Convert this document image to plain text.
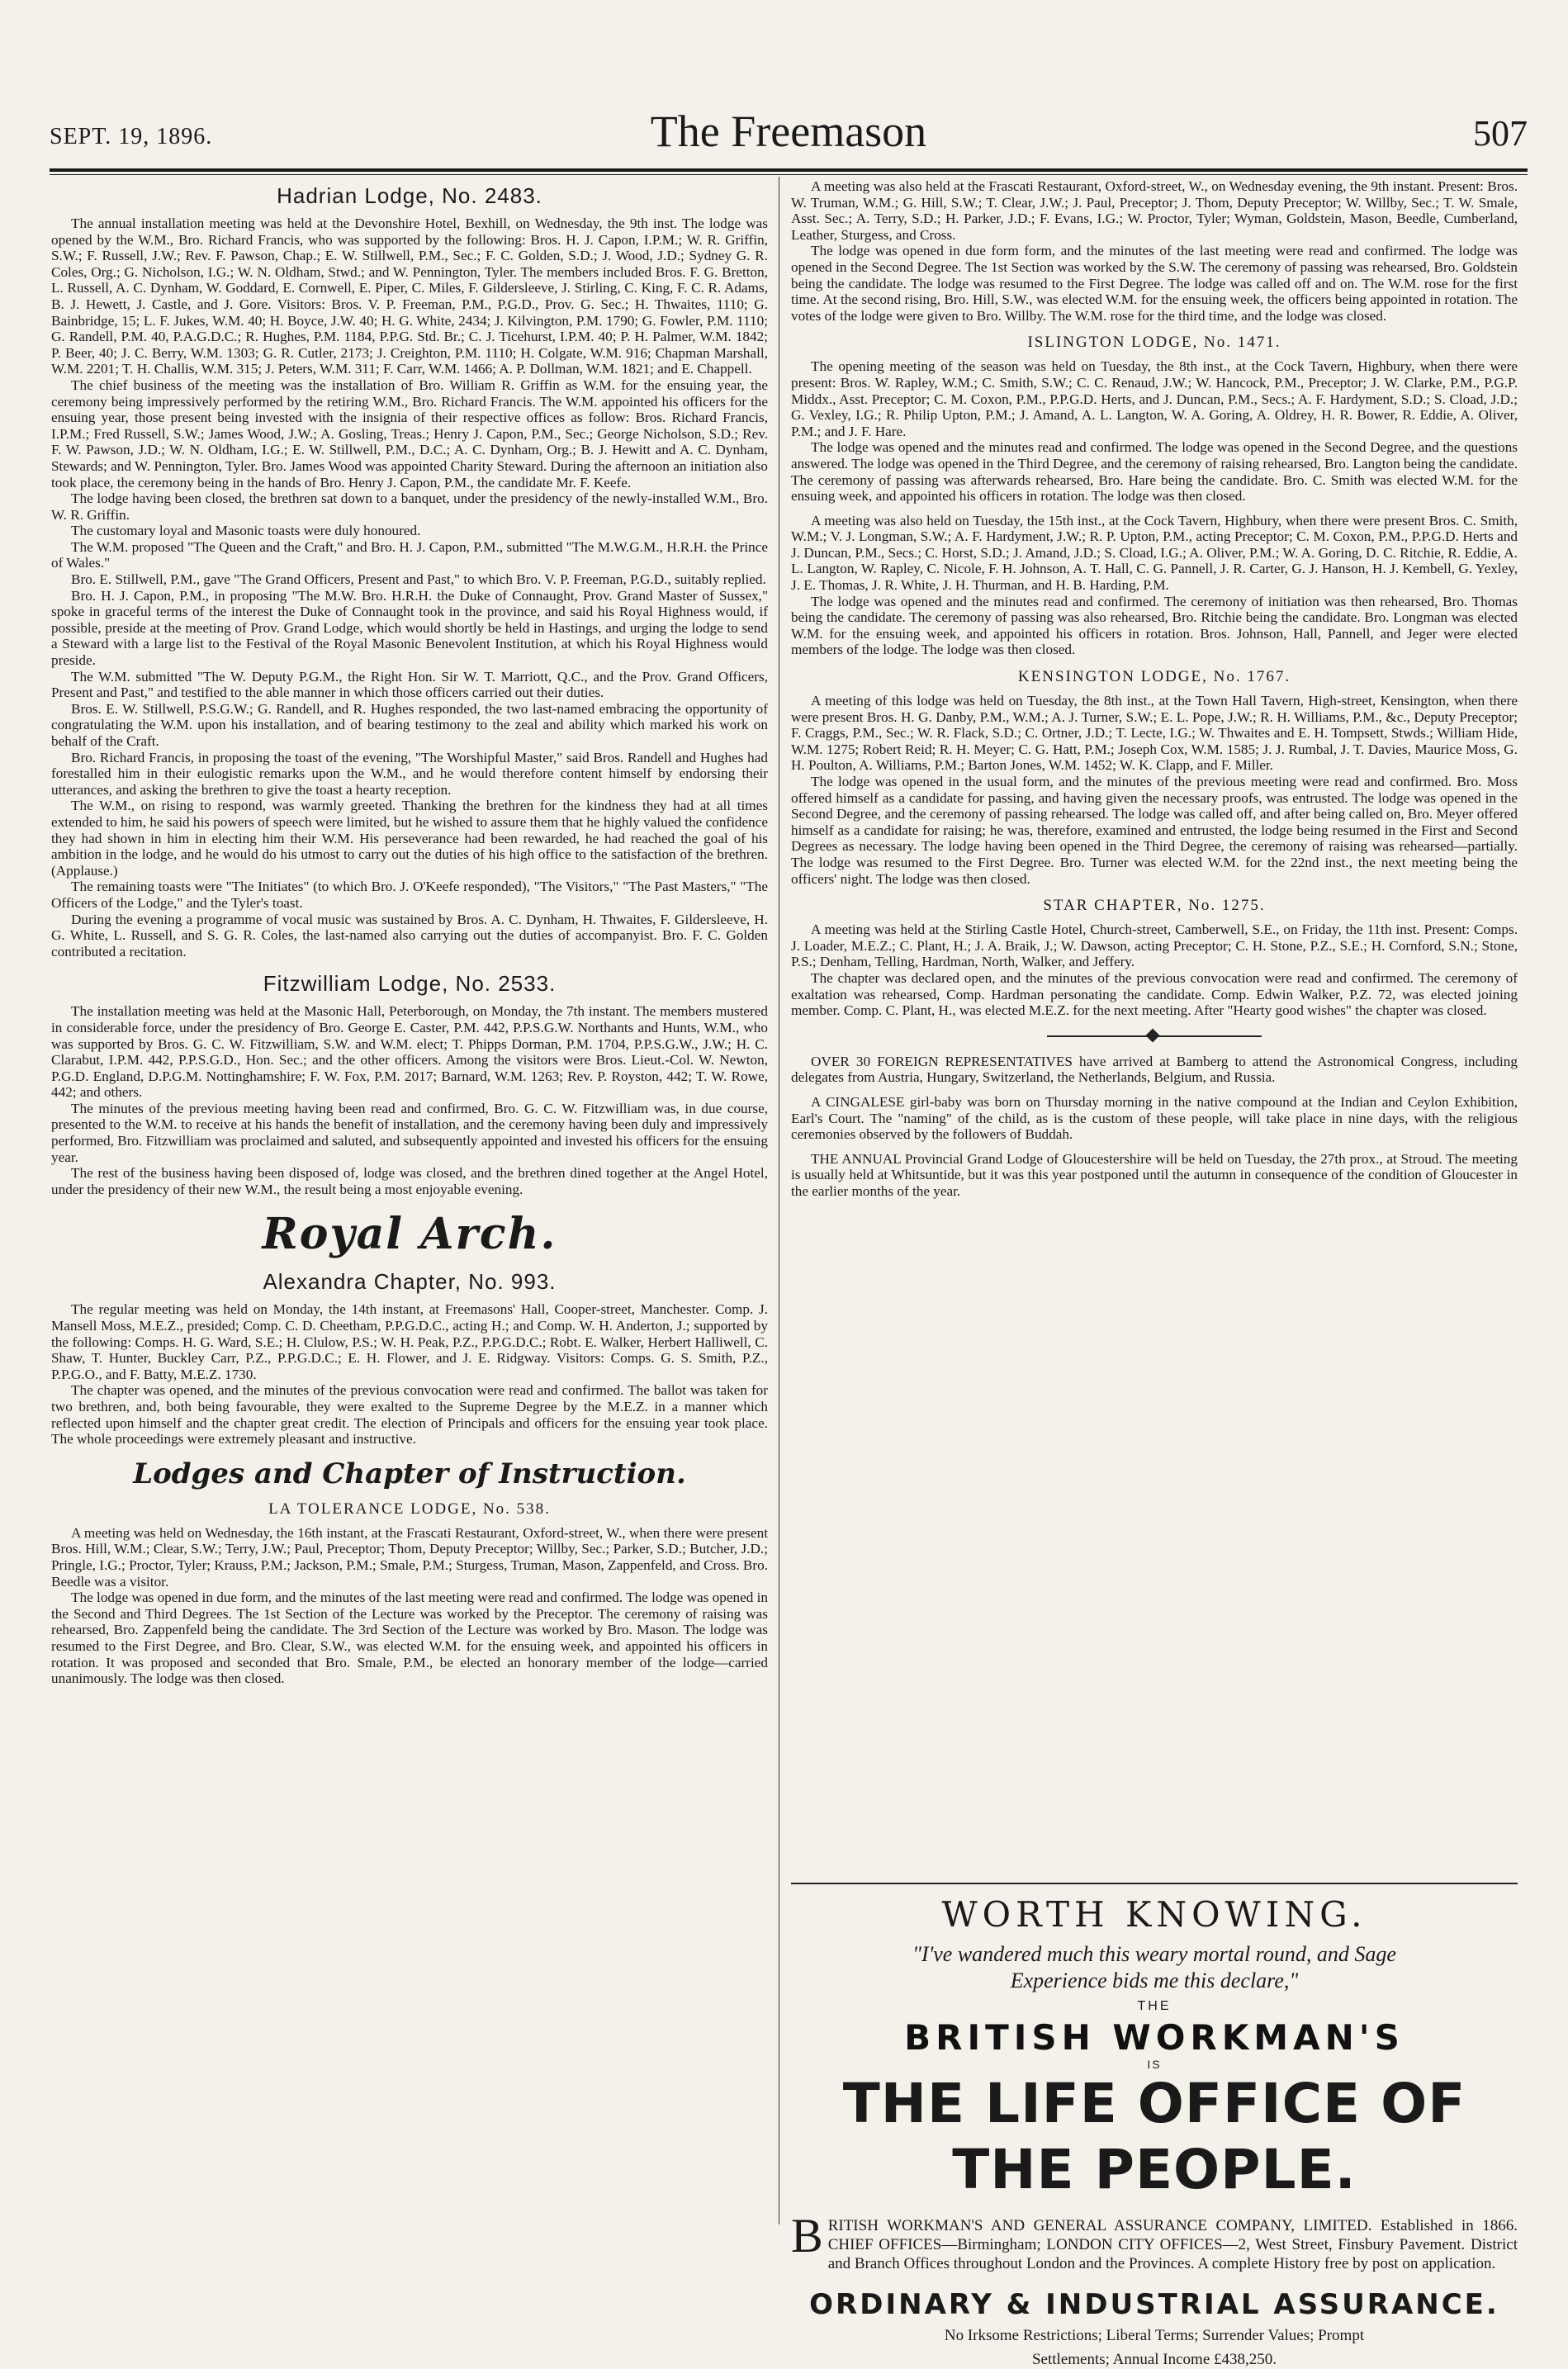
SEPT. 19, 1896.	The Freemason	507
Hadrian Lodge, No. 2483.

The annual installation meeting was held at the Devonshire Hotel, Bexhill, on Wednesday, the 9th inst. The lodge was opened by the W.M., Bro. Richard Francis, who was supported by the following: Bros. H. J. Capon, I.P.M.; W. R. Griffin, S.W.; F. Russell, J.W.; Rev. F. Pawson, Chap.; E. W. Stillwell, P.M., Sec.; F. C. Golden, S.D.; J. Wood, J.D.; Sydney G. R. Coles, Org.; G. Nicholson, I.G.; W. N. Oldham, Stwd.; and W. Pennington, Tyler. The members included Bros. F. G. Bretton, L. Russell, A. C. Dynham, W. Goddard, E. Cornwell, E. Piper, C. Miles, F. Gildersleeve, J. Stirling, C. King, F. C. R. Adams, B. J. Hewett, J. Castle, and J. Gore. Visitors: Bros. V. P. Freeman, P.M., P.G.D., Prov. G. Sec.; H. Thwaites, 1110; G. Bainbridge, 15; L. F. Jukes, W.M. 40; H. Boyce, J.W. 40; H. G. White, 2434; J. Kilvington, P.M. 1790; G. Fowler, P.M. 1110; G. Randell, P.M. 40, P.A.G.D.C.; R. Hughes, P.M. 1184, P.P.G. Std. Br.; C. J. Ticehurst, I.P.M. 40; P. H. Palmer, W.M. 1842; P. Beer, 40; J. C. Berry, W.M. 1303; G. R. Cutler, 2173; J. Creighton, P.M. 1110; H. Colgate, W.M. 916; Chapman Marshall, W.M. 2201; T. H. Challis, W.M. 315; J. Peters, W.M. 311; F. Carr, W.M. 1466; A. P. Dollman, W.M. 1821; and E. Chappell.

The chief business of the meeting was the installation of Bro. William R. Griffin as W.M. for the ensuing year, the ceremony being impressively performed by the retiring W.M., Bro. Richard Francis. The W.M. appointed his officers for the ensuing year, those present being invested with the insignia of their respective offices as follow: Bros. Richard Francis, I.P.M.; Fred Russell, S.W.; James Wood, J.W.; A. Gosling, Treas.; Henry J. Capon, P.M., Sec.; George Nicholson, S.D.; Rev. F. W. Pawson, J.D.; W. N. Oldham, I.G.; E. W. Stillwell, P.M., D.C.; A. C. Dynham, Org.; B. J. Hewitt and A. C. Dynham, Stewards; and W. Pennington, Tyler. Bro. James Wood was appointed Charity Steward. During the afternoon an initiation also took place, the ceremony being in the hands of Bro. Henry J. Capon, P.M., the candidate Mr. F. Keefe.

The lodge having been closed, the brethren sat down to a banquet, under the presidency of the newly-installed W.M., Bro. W. R. Griffin.

The customary loyal and Masonic toasts were duly honoured.

The W.M. proposed "The Queen and the Craft," and Bro. H. J. Capon, P.M., submitted "The M.W.G.M., H.R.H. the Prince of Wales."

Bro. E. Stillwell, P.M., gave "The Grand Officers, Present and Past," to which Bro. V. P. Freeman, P.G.D., suitably replied.

Bro. H. J. Capon, P.M., in proposing "The M.W. Bro. H.R.H. the Duke of Connaught, Prov. Grand Master of Sussex," spoke in graceful terms of the interest the Duke of Connaught took in the province, and said his Royal Highness would, if possible, preside at the meeting of Prov. Grand Lodge, which would shortly be held in Hastings, and urging the lodge to send a Steward with a large list to the Festival of the Royal Masonic Benevolent Institution, at which his Royal Highness would preside.

The W.M. submitted "The W. Deputy P.G.M., the Right Hon. Sir W. T. Marriott, Q.C., and the Prov. Grand Officers, Present and Past," and testified to the able manner in which those officers carried out their duties.

Bros. E. W. Stillwell, P.S.G.W.; G. Randell, and R. Hughes responded, the two last-named embracing the opportunity of congratulating the W.M. upon his installation, and of bearing testimony to the zeal and ability which marked his work on behalf of the Craft.

Bro. Richard Francis, in proposing the toast of the evening, "The Worshipful Master," said Bros. Randell and Hughes had forestalled him in their eulogistic remarks upon the W.M., and he would therefore content himself by endorsing their utterances, and asking the brethren to give the toast a hearty reception.

The W.M., on rising to respond, was warmly greeted. Thanking the brethren for the kindness they had at all times extended to him, he said his powers of speech were limited, but he wished to assure them that he highly valued the confidence they had shown in him in electing him their W.M. His perseverance had been rewarded, he had reached the goal of his ambition in the lodge, and he would do his utmost to carry out the duties of his high office to the satisfaction of the brethren. (Applause.)

The remaining toasts were "The Initiates" (to which Bro. J. O'Keefe responded), "The Visitors," "The Past Masters," "The Officers of the Lodge," and the Tyler's toast.

During the evening a programme of vocal music was sustained by Bros. A. C. Dynham, H. Thwaites, F. Gildersleeve, H. G. White, L. Russell, and S. G. R. Coles, the last-named also carrying out the duties of accompanyist. Bro. F. C. Golden contributed a recitation.

Fitzwilliam Lodge, No. 2533.

The installation meeting was held at the Masonic Hall, Peterborough, on Monday, the 7th instant. The members mustered in considerable force, under the presidency of Bro. George E. Caster, P.M. 442, P.P.S.G.W. Northants and Hunts, W.M., who was supported by Bros. G. C. W. Fitzwilliam, S.W. and W.M. elect; T. Phipps Dorman, P.M. 1704, P.P.S.G.W., J.W.; H. C. Clarabut, I.P.M. 442, P.P.S.G.D., Hon. Sec.; and the other officers. Among the visitors were Bros. Lieut.-Col. W. Newton, P.G.D. England, D.P.G.M. Nottinghamshire; F. W. Fox, P.M. 2017; Barnard, W.M. 1263; Rev. P. Royston, 442; T. W. Rowe, 442; and others.

The minutes of the previous meeting having been read and confirmed, Bro. G. C. W. Fitzwilliam was, in due course, presented to the W.M. to receive at his hands the benefit of installation, and the ceremony having been duly and impressively performed, Bro. Fitzwilliam was proclaimed and saluted, and subsequently appointed and invested his officers for the ensuing year.

The rest of the business having been disposed of, lodge was closed, and the brethren dined together at the Angel Hotel, under the presidency of their new W.M., the result being a most enjoyable evening.

Royal Arch.
Alexandra Chapter, No. 993.

The regular meeting was held on Monday, the 14th instant, at Freemasons' Hall, Cooper-street, Manchester. Comp. J. Mansell Moss, M.E.Z., presided; Comp. C. D. Cheetham, P.P.G.D.C., acting H.; and Comp. W. H. Anderton, J.; supported by the following: Comps. H. G. Ward, S.E.; H. Clulow, P.S.; W. H. Peak, P.Z., P.P.G.D.C.; Robt. E. Walker, Herbert Halliwell, C. Shaw, T. Hunter, Buckley Carr, P.Z., P.P.G.D.C.; E. H. Flower, and J. E. Ridgway. Visitors: Comps. G. S. Smith, P.Z., P.P.G.O., and F. Batty, M.E.Z. 1730.

The chapter was opened, and the minutes of the previous convocation were read and confirmed. The ballot was taken for two brethren, and, both being favourable, they were exalted to the Supreme Degree by the M.E.Z. in a manner which reflected upon himself and the chapter great credit. The election of Principals and officers for the ensuing year took place. The whole proceedings were extremely pleasant and instructive.

Lodges and Chapter of Instruction.
LA TOLERANCE LODGE, No. 538.

A meeting was held on Wednesday, the 16th instant, at the Frascati Restaurant, Oxford-street, W., when there were present Bros. Hill, W.M.; Clear, S.W.; Terry, J.W.; Paul, Preceptor; Thom, Deputy Preceptor; Willby, Sec.; Parker, S.D.; Butcher, J.D.; Pringle, I.G.; Proctor, Tyler; Krauss, P.M.; Jackson, P.M.; Smale, P.M.; Sturgess, Truman, Mason, Zappenfeld, and Cross. Bro. Beedle was a visitor.

The lodge was opened in due form, and the minutes of the last meeting were read and confirmed. The lodge was opened in the Second and Third Degrees. The 1st Section of the Lecture was worked by the Preceptor. The ceremony of raising was rehearsed, Bro. Zappenfeld being the candidate. The 3rd Section of the Lecture was worked by Bro. Mason. The lodge was resumed to the First Degree, and Bro. Clear, S.W., was elected W.M. for the ensuing week, and appointed his officers in rotation. It was proposed and seconded that Bro. Smale, P.M., be elected an honorary member of the lodge—carried unanimously. The lodge was then closed.

A meeting was also held at the Frascati Restaurant, Oxford-street, W., on Wednesday evening, the 9th instant. Present: Bros. W. Truman, W.M.; G. Hill, S.W.; T. Clear, J.W.; J. Paul, Preceptor; J. Thom, Deputy Preceptor; W. Willby, Sec.; T. W. Smale, Asst. Sec.; A. Terry, S.D.; H. Parker, J.D.; F. Evans, I.G.; W. Proctor, Tyler; Wyman, Goldstein, Mason, Beedle, Cumberland, Leather, Sturgess, and Cross.

The lodge was opened in due form form, and the minutes of the last meeting were read and confirmed. The lodge was opened in the Second Degree. The 1st Section was worked by the S.W. The ceremony of passing was rehearsed, Bro. Goldstein being the candidate. The lodge was resumed to the First Degree. The lodge was called off and on. The W.M. rose for the first time. At the second rising, Bro. Hill, S.W., was elected W.M. for the ensuing week, the officers being appointed in rotation. The votes of the lodge were given to Bro. Willby. The W.M. rose for the third time, and the lodge was closed.

ISLINGTON LODGE, No. 1471.

The opening meeting of the season was held on Tuesday, the 8th inst., at the Cock Tavern, Highbury, when there were present: Bros. W. Rapley, W.M.; C. Smith, S.W.; C. C. Renaud, J.W.; W. Hancock, P.M., Preceptor; J. W. Clarke, P.M., P.G.P. Middx., Asst. Preceptor; C. M. Coxon, P.M., P.P.G.D. Herts, and J. Duncan, P.M., Secs.; A. F. Hardyment, S.D.; S. Cload, J.D.; G. Vexley, I.G.; R. Philip Upton, P.M.; J. Amand, A. L. Langton, W. A. Goring, A. Oldrey, H. R. Bower, R. Eddie, A. Oliver, P.M.; and J. F. Hare.

The lodge was opened and the minutes read and confirmed. The lodge was opened in the Second Degree, and the questions answered. The lodge was opened in the Third Degree, and the ceremony of raising rehearsed, Bro. Langton being the candidate. The ceremony of passing was afterwards rehearsed, Bro. Hare being the candidate. Bro. C. Smith was elected W.M. for the ensuing week, and appointed his officers in rotation. The lodge was then closed.

A meeting was also held on Tuesday, the 15th inst., at the Cock Tavern, Highbury, when there were present Bros. C. Smith, W.M.; V. J. Longman, S.W.; A. F. Hardyment, J.W.; R. P. Upton, P.M., acting Preceptor; C. M. Coxon, P.M., P.P.G.D. Herts and J. Duncan, P.M., Secs.; C. Horst, S.D.; J. Amand, J.D.; S. Cload, I.G.; A. Oliver, P.M.; W. A. Goring, D. C. Ritchie, R. Eddie, A. L. Langton, W. Rapley, C. Nicole, F. H. Johnson, A. T. Hall, C. G. Pannell, J. R. Carter, G. J. Hanson, H. J. Kembell, G. Yexley, J. E. Thomas, J. R. White, J. H. Thurman, and H. B. Harding, P.M.

The lodge was opened and the minutes read and confirmed. The ceremony of initiation was then rehearsed, Bro. Thomas being the candidate. The ceremony of passing was also rehearsed, Bro. Ritchie being the candidate. Bro. Longman was elected W.M. for the ensuing week, and appointed his officers in rotation. Bros. Johnson, Hall, Pannell, and Jeger were elected members of the lodge. The lodge was then closed.

KENSINGTON LODGE, No. 1767.

A meeting of this lodge was held on Tuesday, the 8th inst., at the Town Hall Tavern, High-street, Kensington, when there were present Bros. H. G. Danby, P.M., W.M.; A. J. Turner, S.W.; E. L. Pope, J.W.; R. H. Williams, P.M., &c., Deputy Preceptor; F. Craggs, P.M., Sec.; W. R. Flack, S.D.; C. Ortner, J.D.; T. Lecte, I.G.; W. Thwaites and E. H. Tompsett, Stwds.; William Hide, W.M. 1275; Robert Reid; R. H. Meyer; C. G. Hatt, P.M.; Joseph Cox, W.M. 1585; J. J. Rumbal, J. T. Davies, Maurice Moss, G. H. Poulton, A. Williams, P.M.; Barton Jones, W.M. 1452; W. K. Clapp, and F. Miller.

The lodge was opened in the usual form, and the minutes of the previous meeting were read and confirmed. Bro. Moss offered himself as a candidate for passing, and having given the necessary proofs, was entrusted. The lodge was opened in the Second Degree, and the ceremony of passing rehearsed. The lodge was called off, and after being called on, Bro. Meyer offered himself as a candidate for raising; he was, therefore, examined and entrusted, the lodge being resumed in the First and Second Degrees as necessary. The lodge having been opened in the Third Degree, the ceremony of raising was rehearsed—partially. The lodge was resumed to the First Degree. Bro. Turner was elected W.M. for the 22nd inst., the next meeting being the officers' night. The lodge was then closed.

STAR CHAPTER, No. 1275.

A meeting was held at the Stirling Castle Hotel, Church-street, Camberwell, S.E., on Friday, the 11th inst. Present: Comps. J. Loader, M.E.Z.; C. Plant, H.; J. A. Braik, J.; W. Dawson, acting Preceptor; C. H. Stone, P.Z., S.E.; H. Cornford, S.N.; Stone, P.S.; Denham, Telling, Hardman, North, Walker, and Jeffery.

The chapter was declared open, and the minutes of the previous convocation were read and confirmed. The ceremony of exaltation was rehearsed, Comp. Hardman personating the candidate. Comp. Edwin Walker, P.Z. 72, was elected joining member. Comp. C. Plant, H., was elected M.E.Z. for the next meeting. After "Hearty good wishes" the chapter was closed.

OVER 30 FOREIGN REPRESENTATIVES have arrived at Bamberg to attend the Astronomical Congress, including delegates from Austria, Hungary, Switzerland, the Netherlands, Belgium, and Russia.

A CINGALESE girl-baby was born on Thursday morning in the native compound at the Indian and Ceylon Exhibition, Earl's Court. The "naming" of the child, as is the custom of these people, will take place in nine days, with the religious ceremonies observed by the followers of Buddah.

THE ANNUAL Provincial Grand Lodge of Gloucestershire will be held on Tuesday, the 27th prox., at Stroud. The meeting is usually held at Whitsuntide, but it was this year postponed until the autumn in consequence of the condition of Gloucester in the earlier months of the year.

WORTH KNOWING.
"I've wandered much this weary mortal round, and Sage
Experience bids me this declare,"
THE
BRITISH WORKMAN'S
IS
THE LIFE OFFICE OF THE PEOPLE.
BRITISH WORKMAN'S AND GENERAL ASSURANCE COMPANY, LIMITED. Established in 1866. CHIEF OFFICES—Birmingham; LONDON CITY OFFICES—2, West Street, Finsbury Pavement. District and Branch Offices throughout London and the Provinces. A complete History free by post on application.
ORDINARY & INDUSTRIAL ASSURANCE.
No Irksome Restrictions; Liberal Terms; Surrender Values; Prompt
Settlements; Annual Income £438,250.
